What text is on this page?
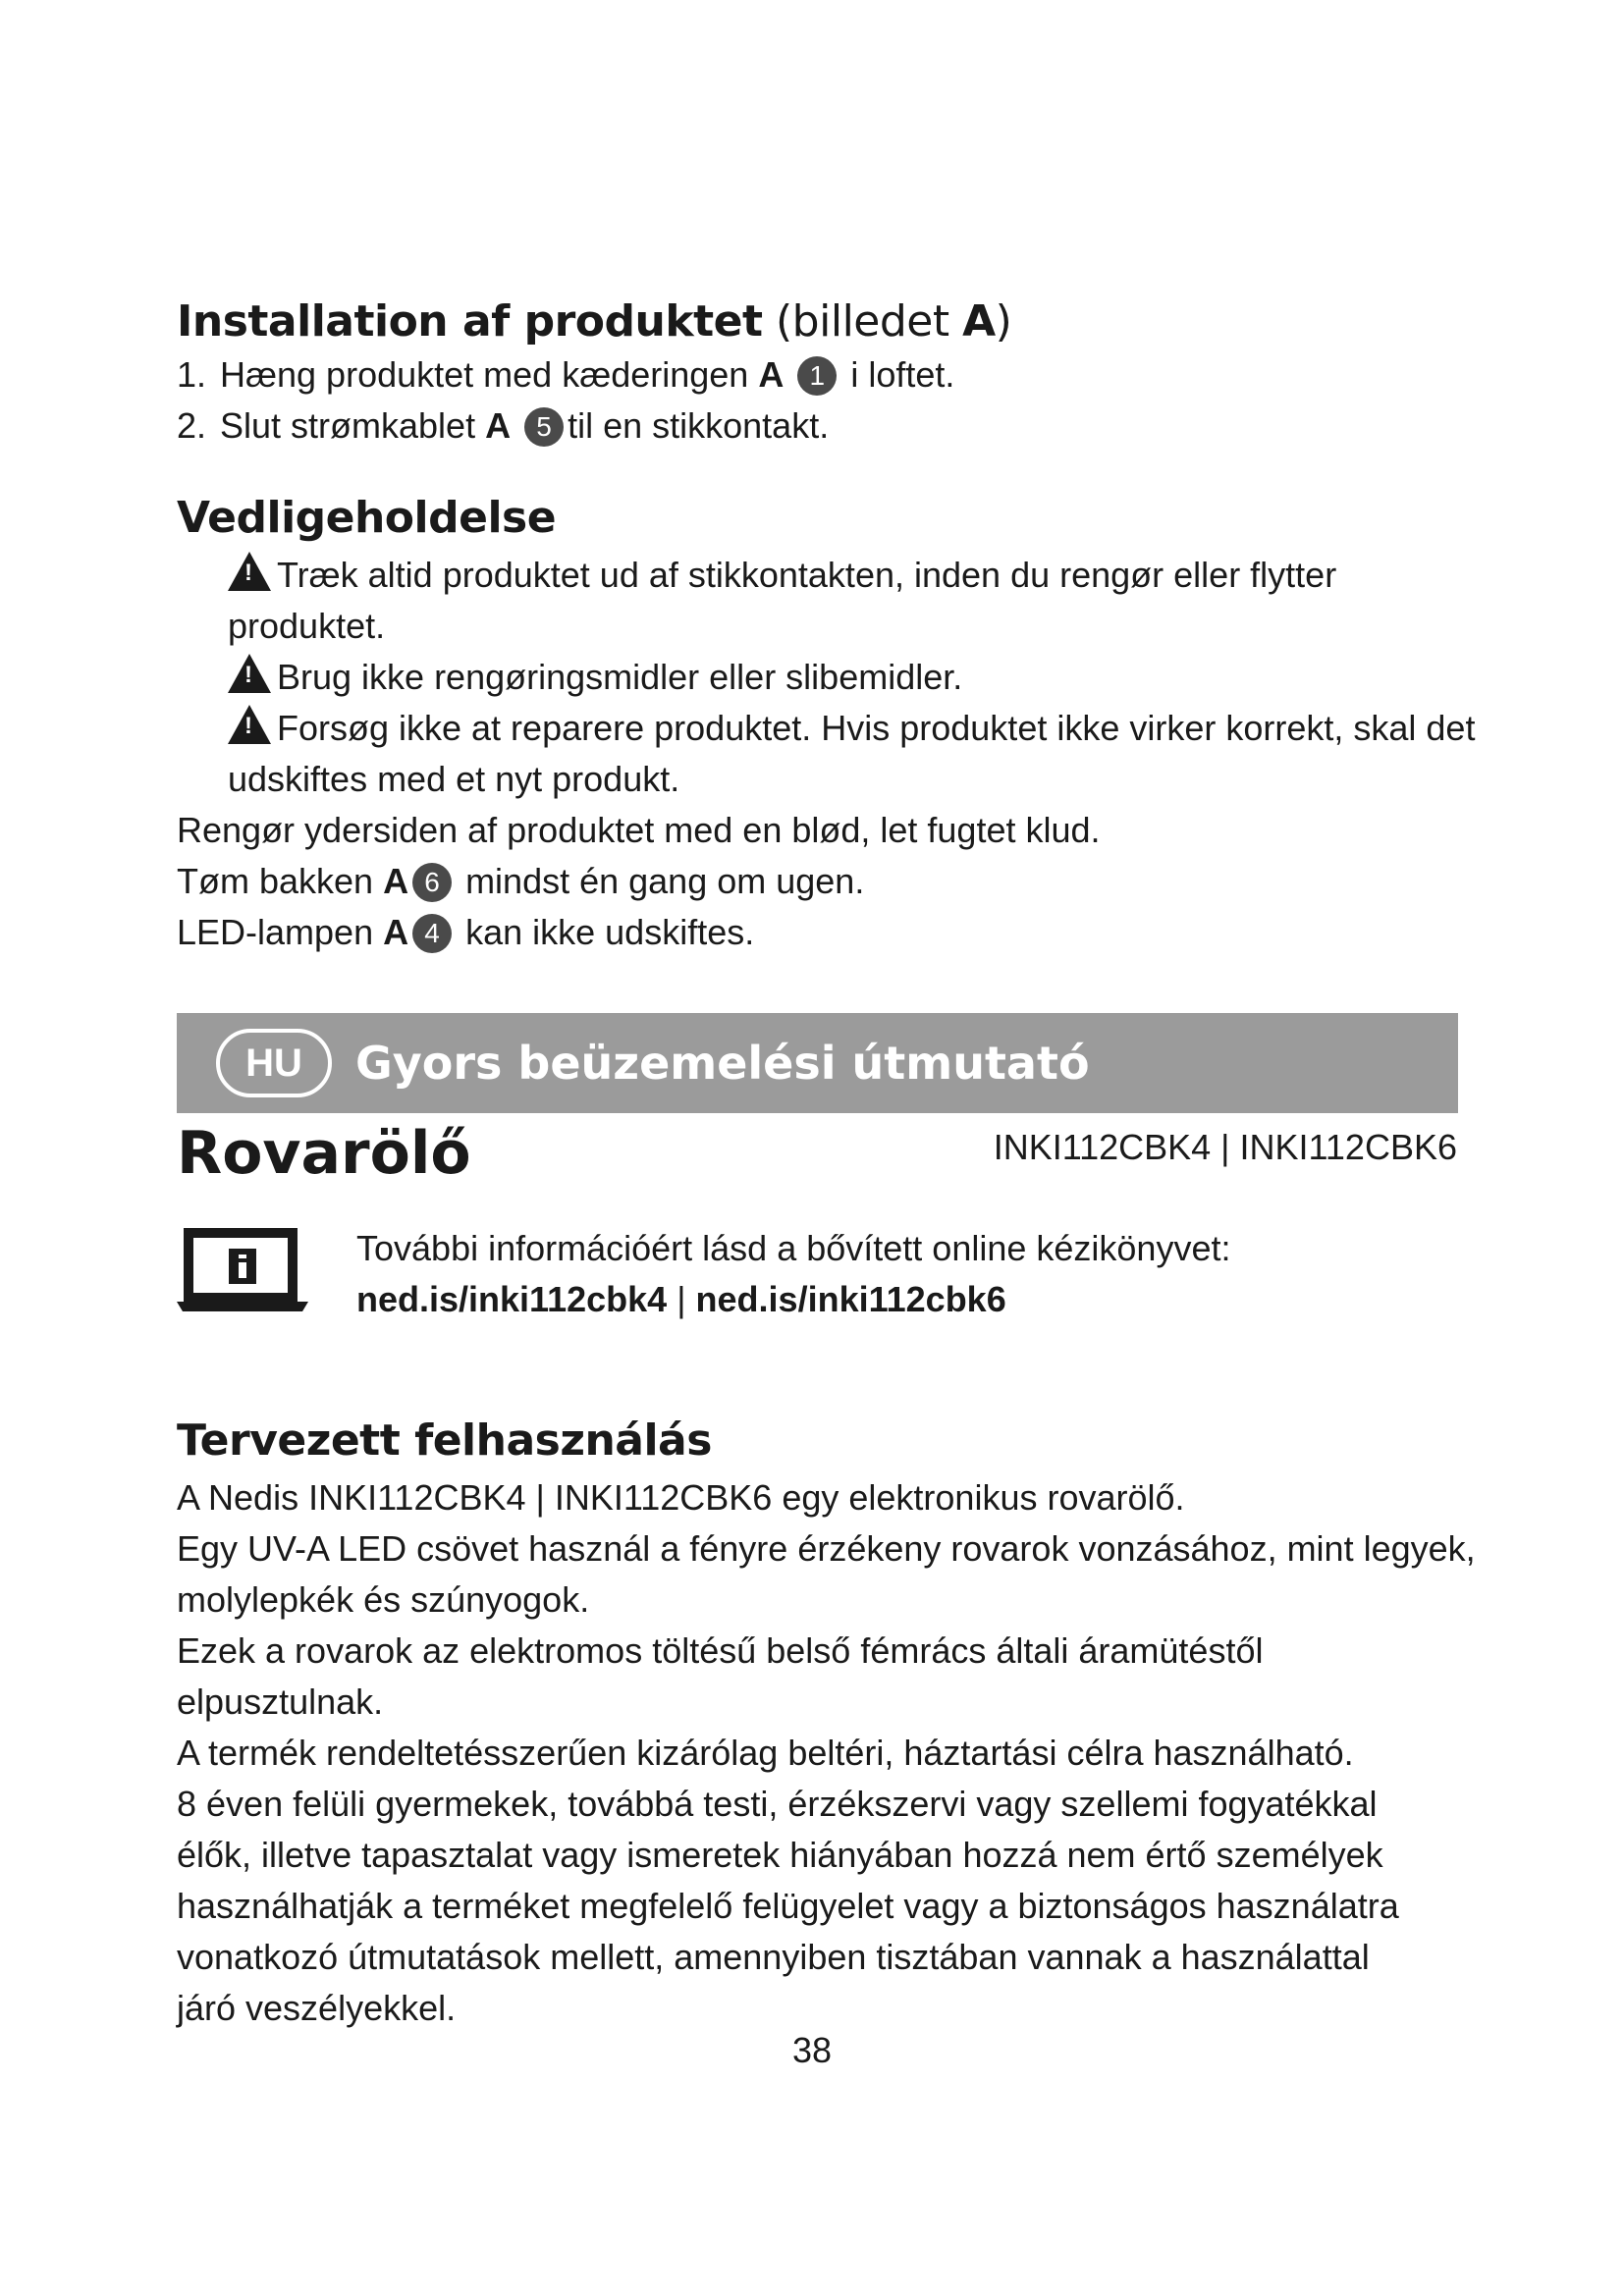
Installation af produktet (billedet A)

1. Hæng produktet med kæderingen A 1 i loftet.

2. Slut strømkablet A 5 til en stikkontakt.

Vedligeholdelse

! Træk altid produktet ud af stikkontakten, inden du rengør eller flytter

produktet.

! Brug ikke rengøringsmidler eller slibemidler.

! Forsøg ikke at reparere produktet. Hvis produktet ikke virker korrekt, skal det

udskiftes med et nyt produkt.

Rengør ydersiden af produktet med en blød, let fugtet klud.

Tøm bakken A 6 mindst én gang om ugen.

LED-lampen A 4 kan ikke udskiftes.

HU	Gyors beüzemelési útmutató
Rovarölő	INKI112CBK4 | INKI112CBK6

További információért lásd a bővített online kézikönyvet:

ned.is/inki112cbk4 | ned.is/inki112cbk6

Tervezett felhasználás

A Nedis INKI112CBK4 | INKI112CBK6 egy elektronikus rovarölő.

Egy UV-A LED csövet használ a fényre érzékeny rovarok vonzásához, mint legyek,

molylepkék és szúnyogok.

Ezek a rovarok az elektromos töltésű belső fémrács általi áramütéstől

elpusztulnak.

A termék rendeltetésszerűen kizárólag beltéri, háztartási célra használható.

8 éven felüli gyermekek, továbbá testi, érzékszervi vagy szellemi fogyatékkal

élők, illetve tapasztalat vagy ismeretek hiányában hozzá nem értő személyek

használhatják a terméket megfelelő felügyelet vagy a biztonságos használatra

vonatkozó útmutatások mellett, amennyiben tisztában vannak a használattal

járó veszélyekkel.

38
